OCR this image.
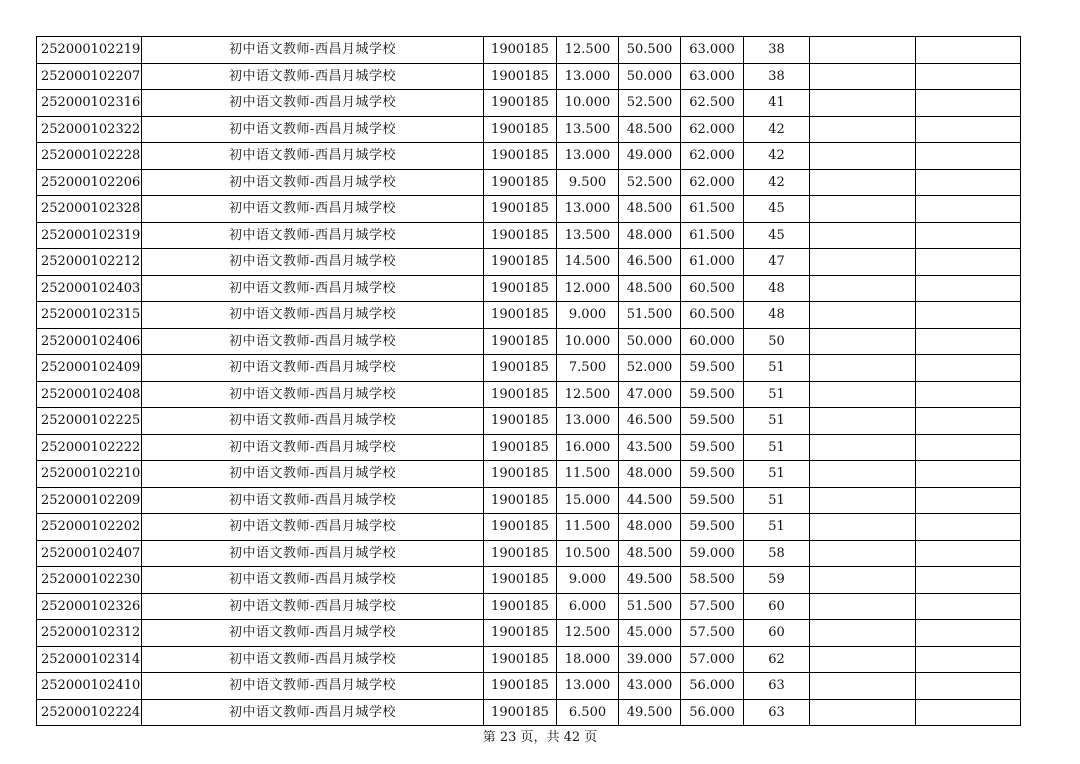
252000102219	初中语文教师-西昌月城学校	1900185	12.500	50.500	63.000	38		
252000102207	初中语文教师-西昌月城学校	1900185	13.000	50.000	63.000	38		
252000102316	初中语文教师-西昌月城学校	1900185	10.000	52.500	62.500	41		
252000102322	初中语文教师-西昌月城学校	1900185	13.500	48.500	62.000	42		
252000102228	初中语文教师-西昌月城学校	1900185	13.000	49.000	62.000	42		
252000102206	初中语文教师-西昌月城学校	1900185	9.500	52.500	62.000	42		
252000102328	初中语文教师-西昌月城学校	1900185	13.000	48.500	61.500	45		
252000102319	初中语文教师-西昌月城学校	1900185	13.500	48.000	61.500	45		
252000102212	初中语文教师-西昌月城学校	1900185	14.500	46.500	61.000	47		
252000102403	初中语文教师-西昌月城学校	1900185	12.000	48.500	60.500	48		
252000102315	初中语文教师-西昌月城学校	1900185	9.000	51.500	60.500	48		
252000102406	初中语文教师-西昌月城学校	1900185	10.000	50.000	60.000	50		
252000102409	初中语文教师-西昌月城学校	1900185	7.500	52.000	59.500	51		
252000102408	初中语文教师-西昌月城学校	1900185	12.500	47.000	59.500	51		
252000102225	初中语文教师-西昌月城学校	1900185	13.000	46.500	59.500	51		
252000102222	初中语文教师-西昌月城学校	1900185	16.000	43.500	59.500	51		
252000102210	初中语文教师-西昌月城学校	1900185	11.500	48.000	59.500	51		
252000102209	初中语文教师-西昌月城学校	1900185	15.000	44.500	59.500	51		
252000102202	初中语文教师-西昌月城学校	1900185	11.500	48.000	59.500	51		
252000102407	初中语文教师-西昌月城学校	1900185	10.500	48.500	59.000	58		
252000102230	初中语文教师-西昌月城学校	1900185	9.000	49.500	58.500	59		
252000102326	初中语文教师-西昌月城学校	1900185	6.000	51.500	57.500	60		
252000102312	初中语文教师-西昌月城学校	1900185	12.500	45.000	57.500	60		
252000102314	初中语文教师-西昌月城学校	1900185	18.000	39.000	57.000	62		
252000102410	初中语文教师-西昌月城学校	1900185	13.000	43.000	56.000	63		
252000102224	初中语文教师-西昌月城学校	1900185	6.500	49.500	56.000	63		
第 23 页，共 42 页
